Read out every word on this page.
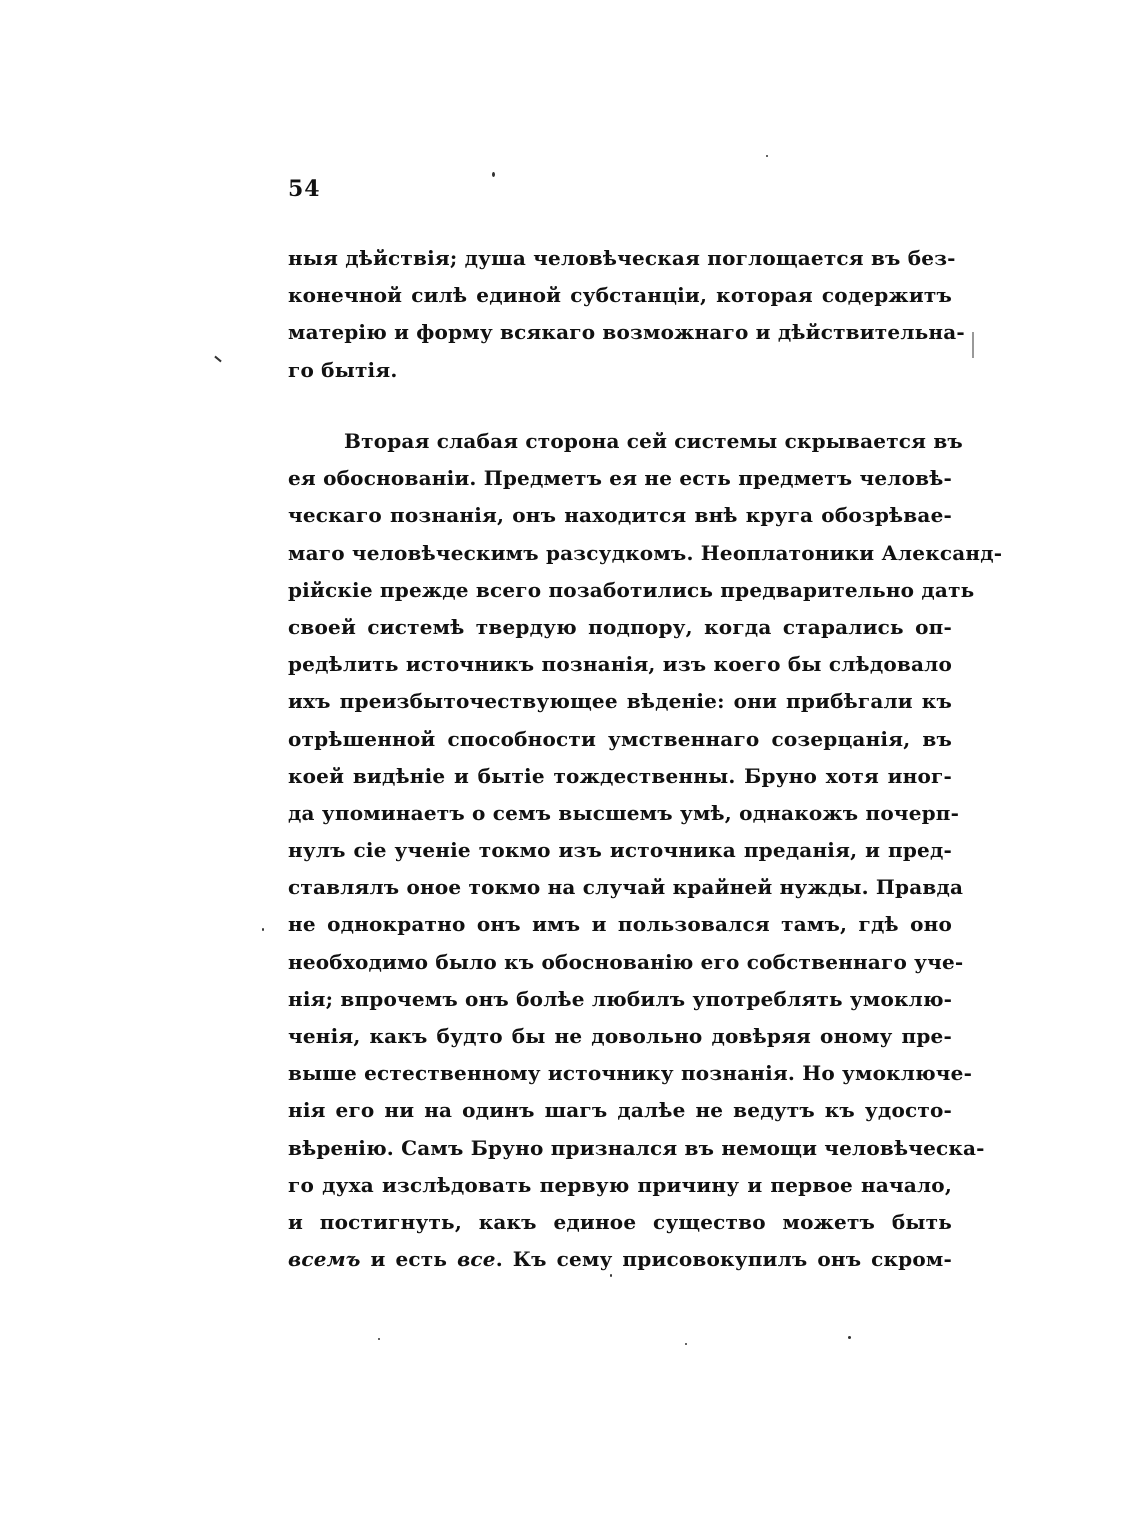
54
ныя дѣйствія; душа человѣческая поглощается въ без-
конечной силѣ единой субстанціи, которая содержитъ
матерію и форму всякаго возможнаго и дѣйствительна-
го бытія.
Вторая слабая сторона сей системы скрывается въ
ея обоснованіи. Предметъ ея не есть предметъ человѣ-
ческаго познанія, онъ находится внѣ круга обозрѣвае-
маго человѣческимъ разсудкомъ. Неоплатоники Александ-
рійскіе прежде всего позаботились предварительно дать
своей системѣ твердую подпору, когда старались оп-
редѣлить источникъ познанія, изъ коего бы слѣдовало
ихъ преизбыточествующее вѣденіе: они прибѣгали къ
отрѣшенной способности умственнаго созерцанія, въ
коей видѣніе и бытіе тождественны. Бруно хотя иног-
да упоминаетъ о семъ высшемъ умѣ, однакожъ почерп-
нулъ сіе ученіе токмо изъ источника преданія, и пред-
ставлялъ оное токмо на случай крайней нужды. Правда
не однократно онъ имъ и пользовался тамъ, гдѣ оно
необходимо было къ обоснованію его собственнаго уче-
нія; впрочемъ онъ болѣе любилъ употреблять умоклю-
ченія, какъ будто бы не довольно довѣряя оному пре-
выше естественному источнику познанія. Но умоключе-
нія его ни на одинъ шагъ далѣе не ведутъ къ удосто-
вѣренію. Самъ Бруно признался въ немощи человѣческа-
го духа изслѣдовать первую причину и первое начало,
и постигнуть, какъ единое существо можетъ быть
всемъ и есть все. Къ сему присовокупилъ онъ скром-
